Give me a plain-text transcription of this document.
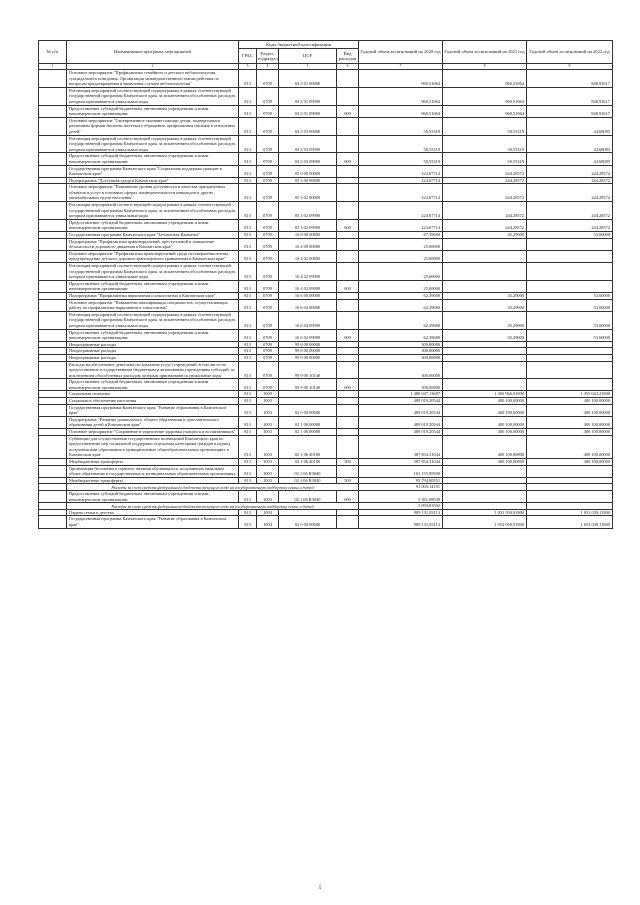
№ п/п	Наименование программ, мероприятий	Коды бюджетной классификации				Годовой объем ассигнований на 2020 год	Годовой объем ассигнований на 2021 год	Годовой объем ассигнований на 2022 год
		ГРБС	Раздел, подраздел	ЦСР	Вид расходов			
1	2	3	4	5	6	7	8	9
	Основное мероприятие "Профилактика семейного и детского неблагополучия, суицидального поведения. Организация межведомственного взаимодействия по вопросам предотвращения и выявления случаев неблагополучия"	813	0709	04 3 01 00000		960,51064	960,51064	848,93617
	Реализация мероприятий соответствующей подпрограммы в рамках соответствующей государственной программы Камчатского края, за исключением обособленных расходов, которым присваиваются уникальные коды	813	0709	04 3 01 09990		960,51064	960,51064	848,93617
	Предоставление субсидий бюджетным, автономным учреждениям и иным некоммерческим организациям	813	0709	04 3 01 09990	600	960,51064	960,51064	848,93617
	Основное мероприятие "Своевременное оказание помощи детям, подвергшимся различным формам насилия, жестокого обращения, профилактика насилия в отношении детей"	813	0709	04 3 03 00000		50,55319	50,55319	44,68085
	Реализация мероприятий соответствующей подпрограммы в рамках соответствующей государственной программы Камчатского края, за исключением обособленных расходов, которым присваиваются уникальные коды	813	0709	04 3 03 09990		50,55319	50,55319	44,68085
	Предоставление субсидий бюджетным, автономным учреждениям и иным некоммерческим организациям	813	0709	04 3 03 09990	600	50,55319	50,55319	44,68085
	Государственная программа Камчатского края "Социальная поддержка граждан в Камчатском крае"	813	0709	05 0 00 00000		224,67714	244,28572	244,28572
	Подпрограмма "Доступная среда в Камчатском крае"	813	0709	05 3 00 00000		224,67714	244,28572	244,28572
	Основное мероприятие "Повышение уровня доступности и качества приоритетных объектов и услуг в основных сферах жизнедеятельности инвалидов и других маломобильных групп населения"	813	0709	05 3 02 00000		224,67714	244,28572	244,28572
	Реализация мероприятий соответствующей подпрограммы в рамках соответствующей государственной программы Камчатского края, за исключением обособленных расходов, которым присваиваются уникальные коды	813	0709	05 3 02 09990		224,67714	244,28572	244,28572
	Предоставление субсидий бюджетным, автономным учреждениям и иным некоммерческим организациям	813	0709	05 3 02 09990	600	224,67714	244,28572	244,28572
	Государственная программа Камчатского края "Безопасная Камчатка"	813	0709	16 0 00 00000		87,39680	45,29000	53,60000
	Подпрограмма "Профилактика правонарушений, преступлений и повышение безопасности дорожного движения в Камчатском крае"	813	0709	16 4 00 00000		25,00000		
	Основное мероприятие "Профилактика правонарушений среди несовершеннолетних, предупреждение детского дорожно-транспортного травматизма в Камчатском крае"	813	0709	16 4 02 00000		25,00000		
	Реализация мероприятий соответствующей подпрограммы в рамках соответствующей государственной программы Камчатского края, за исключением обособленных расходов, которым присваиваются уникальные коды	813	0709	16 4 02 09990		25,00000		
	Предоставление субсидий бюджетным, автономным учреждениям и иным некоммерческим организациям	813	0709	16 4 02 09990	600	25,00000		
	Подпрограмма "Профилактика наркомании и алкоголизма в Камчатском крае"	813	0709	16 6 00 00000		62,39680	45,29000	53,60000
	Основное мероприятие "Повышение квалификации специалистов, осуществляющих работу по профилактике наркомании и алкоголизма"	813	0709	16 6 04 00000		62,39680	45,29000	53,60000
	Реализация мероприятий соответствующей подпрограммы в рамках соответствующей государственной программы Камчатского края, за исключением обособленных расходов, которым присваиваются уникальные коды	813	0709	16 6 04 09990		62,39680	45,29000	53,60000
	Предоставление субсидий бюджетным, автономным учреждениям и иным некоммерческим организациям	813	0709	16 6 04 09990	600	62,39680	45,29000	53,60000
	Непрограммные расходы	813	0709	99 0 00 00000		300,00000		
	Непрограммные расходы	813	0709	99 0 00 00000		300,00000		
	Непрограммные расходы	813	0709	99 9 00 00000		300,00000		
	Расходы на обеспечение деятельности (оказание услуг) учреждений, в том числе на предоставление государственным бюджетным и автономным учреждениям субсидий, за исключением обособленных расходов, которым присваиваются уникальные коды	813	0709	99 9 00 10140		300,00000		
	Предоставление субсидий бюджетным, автономным учреждениям и иным некоммерческим организациям	813	0709	99 9 00 10140	600	300,00000		
	Социальная политика	813	1000			1 480 047,13687	1 456 966,01800	1 455 044,21800
	Социальное обеспечение населения	813	1003			489 019,20544	400 100,00000	400 100,00000
	Государственная программа Камчатского края "Развитие образования в Камчатском крае"	813	1003	02 0 00 00000		489 019,20544	400 100,00000	400 100,00000
	Подпрограмма "Развитие дошкольного, общего образования и дополнительного образования детей в Камчатском крае"	813	1003	02 1 00 00000		489 019,20544	400 100,00000	400 100,00000
	Основное мероприятие "Сохранение и укрепление здоровья учащихся и воспитанников"	813	1003	02 1 06 00000		489 019,20544	400 100,00000	400 100,00000
	Субвенции для осуществления государственных полномочий Камчатского края по предоставлению мер социальной поддержки отдельным категориям граждан в период получения ими образования в муниципальных общеобразовательных организациях в Камчатском крае	813	1003	02 1 06 40180		387 854,31044	400 100,00000	400 100,00000
	Межбюджетные трансферты	813	1003	02 1 06 40180	500	387 854,31044	400 100,00000	400 100,00000
	Организация бесплатного горячего питания обучающихся, получающих начальное общее образование в государственных и муниципальных образовательных организациях	813	1003	02 1 06 R3040		101 155,89500		
	Межбюджетные трансферты	813	1003	02 1 06 R3040	500	95 794,80551		
	Расходы за счет средств федерального бюджета текущего года на государственную поддержку семьи и детей					91 003,14101		
	Предоставление субсидий бюджетным, автономным учреждениям и иным некоммерческим организациям	813	1003	02 1 06 R3040	600	5 361,08949		
	Расходы за счет средств федерального бюджета текущего года на государственную поддержку семьи и детей					5 093,03502		
	Охрана семьи и детства	813	1004			989 131,83113	1 052 950,91800	1 053 039,11800
	Государственная программа Камчатского края "Развитие образования в Камчатском крае"	813	1004	02 0 00 00000		989 131,83113	1 052 950,91800	1 053 039,11800
5
